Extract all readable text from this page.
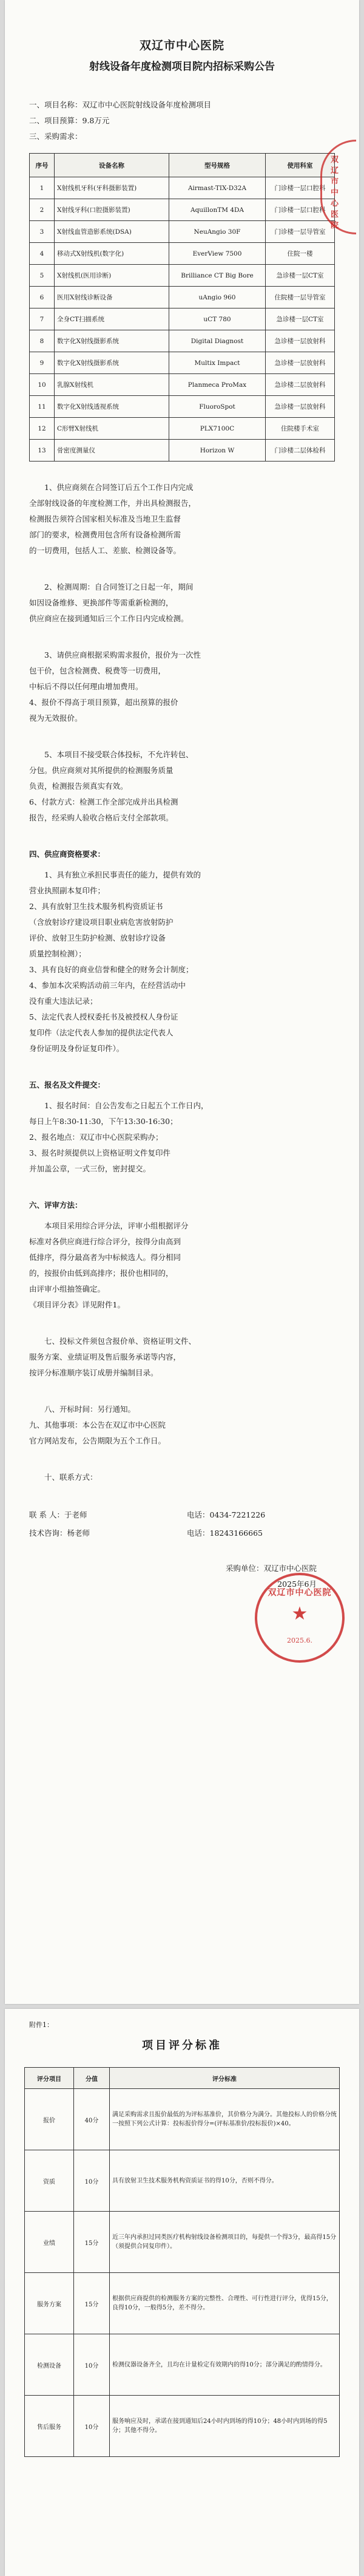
双辽市中心医院
射线设备年度检测项目院内招标采购公告

一、项目名称：双辽市中心医院射线设备年度检测项目

二、项目预算：9.8万元

三、采购需求：

序号	设备名称	型号规格	使用科室
1	X射线机牙科(牙科摄影装置)	Airmast-TIX-D32A	门诊楼一层口腔科
2	X射线牙科(口腔摄影装置)	AquillonTM 4DA	门诊楼一层口腔科
3	X射线血管造影系统(DSA)	NeuAngio 30F	门诊楼一层导管室
4	移动式X射线机(数字化)	EverView 7500	住院一楼
5	X射线机(医用诊断)	Brilliance CT Big Bore	急诊楼一层CT室
6	医用X射线诊断设备	uAngio 960	住院楼一层导管室
7	全身CT扫描系统	uCT 780	急诊楼一层CT室
8	数字化X射线摄影系统	Digital Diagnost	急诊楼一层放射科
9	数字化X射线摄影系统	Multix Impact	急诊楼一层放射科
10	乳腺X射线机	Planmeca ProMax	急诊楼二层放射科
11	数字化X射线透视系统	FluoroSpot	急诊楼一层放射科
12	C形臂X射线机	PLX7100C	住院楼手术室
13	骨密度测量仪	Horizon W	门诊楼二层体检科

1、供应商须在合同签订后五个工作日内完成

全部射线设备的年度检测工作，并出具检测报告，

检测报告须符合国家相关标准及当地卫生监督

部门的要求，检测费用包含所有设备检测所需

的一切费用，包括人工、差旅、检测设备等。

2、检测周期：自合同签订之日起一年，期间

如因设备维修、更换部件等需重新检测的，

供应商应在接到通知后三个工作日内完成检测。

3、请供应商根据采购需求报价，报价为一次性

包干价，包含检测费、税费等一切费用，

中标后不得以任何理由增加费用。

4、报价不得高于项目预算，超出预算的报价

视为无效报价。

5、本项目不接受联合体投标，不允许转包、

分包。供应商须对其所提供的检测服务质量

负责，检测报告须真实有效。

6、付款方式：检测工作全部完成并出具检测

报告，经采购人验收合格后支付全部款项。

四、供应商资格要求：

1、具有独立承担民事责任的能力，提供有效的

营业执照副本复印件；

2、具有放射卫生技术服务机构资质证书

（含放射诊疗建设项目职业病危害放射防护

评价、放射卫生防护检测、放射诊疗设备

质量控制检测）；

3、具有良好的商业信誉和健全的财务会计制度；

4、参加本次采购活动前三年内，在经营活动中

没有重大违法记录；

5、法定代表人授权委托书及被授权人身份证

复印件（法定代表人参加的提供法定代表人

身份证明及身份证复印件）。

五、报名及文件提交：

1、报名时间：自公告发布之日起五个工作日内，

每日上午8:30-11:30，下午13:30-16:30；

2、报名地点：双辽市中心医院采购办；

3、报名时须提供以上资格证明文件复印件

并加盖公章，一式三份，密封提交。

六、评审方法：

本项目采用综合评分法，评审小组根据评分

标准对各供应商进行综合评分，按得分由高到

低排序，得分最高者为中标候选人。得分相同

的，按报价由低到高排序；报价也相同的，

由评审小组抽签确定。

《项目评分表》详见附件1。

七、投标文件须包含报价单、资格证明文件、

服务方案、业绩证明及售后服务承诺等内容，

按评分标准顺序装订成册并编制目录。

八、开标时间：另行通知。

九、其他事项：本公告在双辽市中心医院

官方网站发布，公告期限为五个工作日。

十、联系方式：

联 系 人：于老师	电话：0434-7221226
技术咨询：杨老师	电话：18243166665

采购单位：双辽市中心医院

2025年6月

双辽市中心医院
★
2025.6.
双辽市中心医院
附件1：
项目评分标准
评分项目	分值	评分标准
报价	40分	满足采购需求且报价最低的为评标基准价，其价格分为满分。其他投标人的价格分统一按照下列公式计算：投标报价得分=(评标基准价/投标报价)×40。
资质	10分	具有放射卫生技术服务机构资质证书的得10分，否则不得分。
业绩	15分	近三年内承担过同类医疗机构射线设备检测项目的，每提供一个得3分，最高得15分（须提供合同复印件）。
服务方案	15分	根据供应商提供的检测服务方案的完整性、合理性、可行性进行评分，优得15分，良得10分，一般得5分，差不得分。
检测设备	10分	检测仪器设备齐全，且均在计量检定有效期内的得10分；部分满足的酌情得分。
售后服务	10分	服务响应及时，承诺在接到通知后24小时内到场的得10分；48小时内到场的得5分；其他不得分。
